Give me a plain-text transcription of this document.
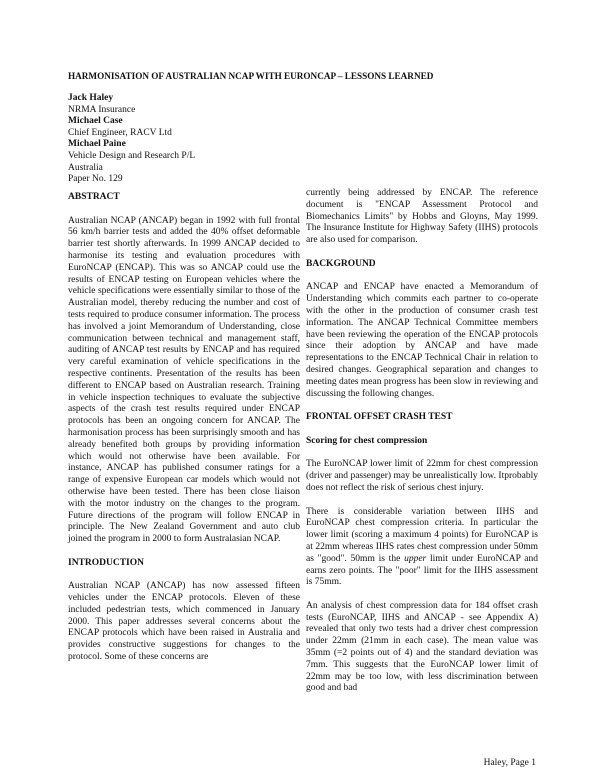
HARMONISATION OF AUSTRALIAN NCAP WITH EURONCAP – LESSONS LEARNED
Jack Haley
NRMA Insurance
Michael Case
Chief Engineer, RACV Ltd
Michael Paine
Vehicle Design and Research P/L
Australia
Paper No. 129
ABSTRACT

Australian NCAP (ANCAP) began in 1992 with full frontal 56 km/h barrier tests and added the 40% offset deformable barrier test shortly afterwards. In 1999 ANCAP decided to harmonise its testing and evaluation procedures with EuroNCAP (ENCAP). This was so ANCAP could use the results of ENCAP testing on European vehicles where the vehicle specifications were essentially similar to those of the Australian model, thereby reducing the number and cost of tests required to produce consumer information. The process has involved a joint Memorandum of Understanding, close communication between technical and management staff, auditing of ANCAP test results by ENCAP and has required very careful examination of vehicle specifications in the respective continents. Presentation of the results has been different to ENCAP based on Australian research. Training in vehicle inspection techniques to evaluate the subjective aspects of the crash test results required under ENCAP protocols has been an ongoing concern for ANCAP. The harmonisation process has been surprisingly smooth and has already benefited both groups by providing information which would not otherwise have been available. For instance, ANCAP has published consumer ratings for a range of expensive European car models which would not otherwise have been tested. There has been close liaison with the motor industry on the changes to the program. Future directions of the program will follow ENCAP in principle. The New Zealand Government and auto club joined the program in 2000 to form Australasian NCAP.

INTRODUCTION

Australian NCAP (ANCAP) has now assessed fifteen vehicles under the ENCAP protocols. Eleven of these included pedestrian tests, which commenced in January 2000. This paper addresses several concerns about the ENCAP protocols which have been raised in Australia and provides constructive suggestions for changes to the protocol. Some of these concerns are

currently being addressed by ENCAP. The reference document is "ENCAP Assessment Protocol and Biomechanics Limits" by Hobbs and Gloyns, May 1999. The Insurance Institute for Highway Safety (IIHS) protocols are also used for comparison.

BACKGROUND

ANCAP and ENCAP have enacted a Memorandum of Understanding which commits each partner to co-operate with the other in the production of consumer crash test information. The ANCAP Technical Committee members have been reviewing the operation of the ENCAP protocols since their adoption by ANCAP and have made representations to the ENCAP Technical Chair in relation to desired changes. Geographical separation and changes to meeting dates mean progress has been slow in reviewing and discussing the following changes.

FRONTAL OFFSET CRASH TEST
Scoring for chest compression

The EuroNCAP lower limit of 22mm for chest compression (driver and passenger) may be unrealistically low. Itprobably does not reflect the risk of serious chest injury.

There is considerable variation between IIHS and EuroNCAP chest compression criteria. In particular the lower limit (scoring a maximum 4 points) for EuroNCAP is at 22mm whereas IIHS rates chest compression under 50mm as "good". 50mm is the upper limit under EuroNCAP and earns zero points. The "poor" limit for the IIHS assessment is 75mm.

An analysis of chest compression data for 184 offset crash tests (EuroNCAP, IIHS and ANCAP - see Appendix A) revealed that only two tests had a driver chest compression under 22mm (21mm in each case). The mean value was 35mm (=2 points out of 4) and the standard deviation was 7mm. This suggests that the EuroNCAP lower limit of 22mm may be too low, with less discrimination between good and bad

Haley, Page 1
